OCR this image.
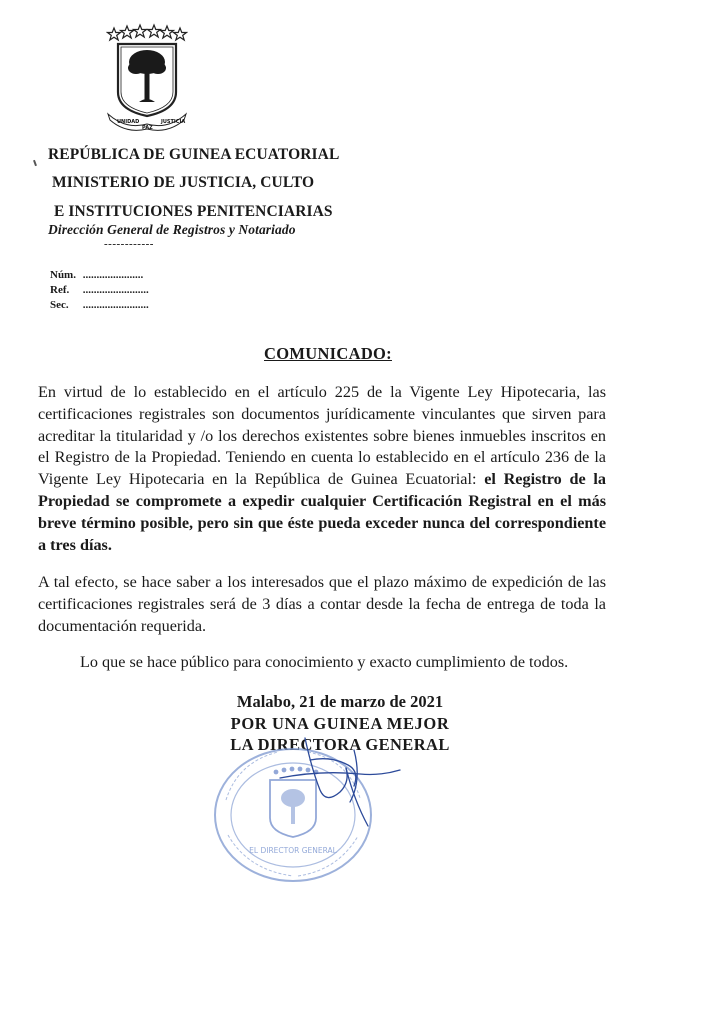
UNIDAD
PAZ
JUSTICIA
REPÚBLICA DE GUINEA ECUATORIAL
MINISTERIO DE JUSTICIA, CULTO
E INSTITUCIONES PENITENCIARIAS
Dirección General de Registros y Notariado
------------
Núm. ......................
Ref. ........................
Sec. ........................
COMUNICADO:
En virtud de lo establecido en el artículo 225 de la Vigente Ley Hipotecaria, las certificaciones registrales son documentos jurídicamente vinculantes que sirven para acreditar la titularidad y /o los derechos existentes sobre bienes inmuebles inscritos en el Registro de la Propiedad. Teniendo en cuenta lo establecido en el artículo 236 de la Vigente Ley Hipotecaria en la República de Guinea Ecuatorial: el Registro de la Propiedad se compromete a expedir cualquier Certificación Registral en el más breve término posible, pero sin que éste pueda exceder nunca del correspondiente a tres días.
A tal efecto, se hace saber a los interesados que el plazo máximo de expedición de las certificaciones registrales será de 3 días a contar desde la fecha de entrega de toda la documentación requerida.
Lo que se hace público para conocimiento y exacto cumplimiento de todos.
Malabo, 21 de marzo de 2021
POR UNA GUINEA MEJOR
LA DIRECTORA GENERAL
EL DIRECTOR GENERAL
